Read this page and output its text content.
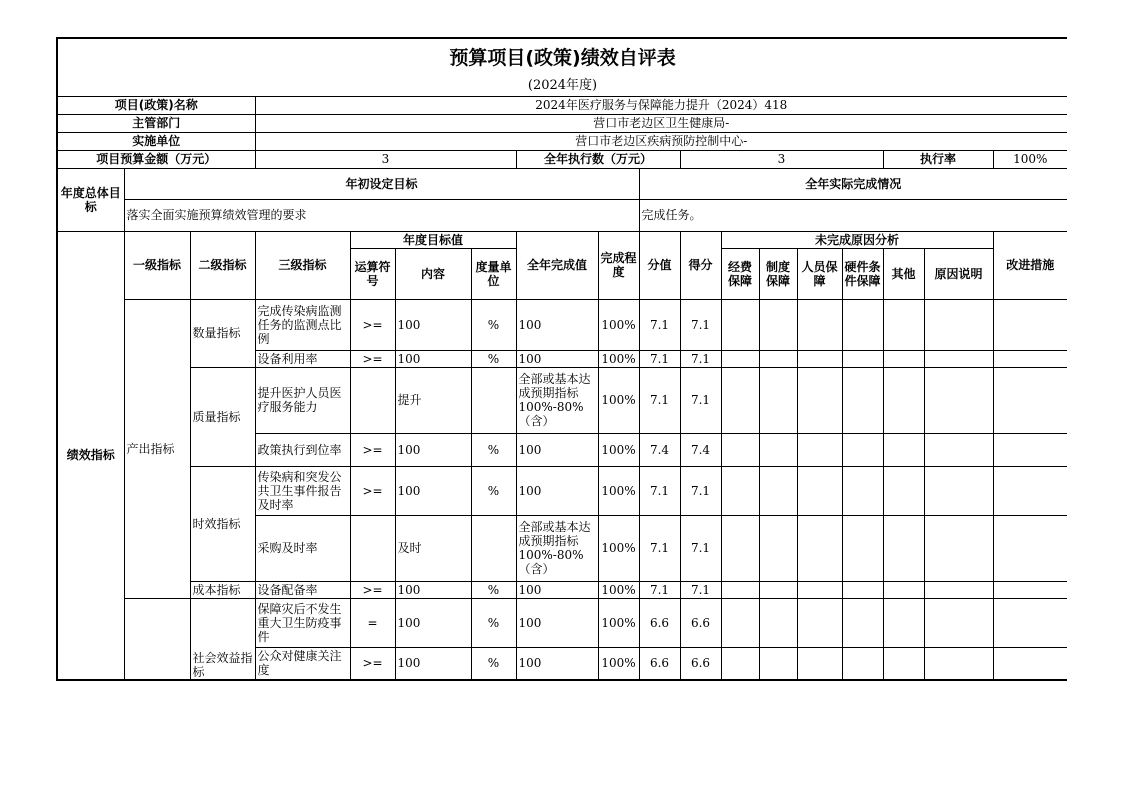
预算项目(政策)绩效自评表																	
(2024年度)																	
项目(政策)名称			2024年医疗服务与保障能力提升（2024）418														
主管部门			营口市老边区卫生健康局-														
实施单位			营口市老边区疾病预防控制中心-														
项目预算金额（万元）			3				全年执行数（万元）			3					执行率		100%
年度总体目标	年初设定目标								全年实际完成情况								
	落实全面实施预算绩效管理的要求								完成任务。								
绩效指标	一级指标	二级指标	三级指标	年度目标值			全年完成值	完成程度	分值	得分	未完成原因分析						改进措施
				运算符号	内容	度量单位					经费保障	制度保障	人员保障	硬件条件保障	其他	原因说明	
	产出指标	数量指标	完成传染病监测任务的监测点比例	>=	100	%	100	100%	7.1	7.1							
			设备利用率	>=	100	%	100	100%	7.1	7.1							
		质量指标	提升医护人员医疗服务能力		提升		全部或基本达成预期指标100%-80%（含）	100%	7.1	7.1							
			政策执行到位率	>=	100	%	100	100%	7.4	7.4							
		时效指标	传染病和突发公共卫生事件报告及时率	>=	100	%	100	100%	7.1	7.1							
			采购及时率		及时		全部或基本达成预期指标100%-80%（含）	100%	7.1	7.1							
		成本指标	设备配备率	>=	100	%	100	100%	7.1	7.1							
		社会效益指标	保障灾后不发生重大卫生防疫事件	=	100	%	100	100%	6.6	6.6							
			公众对健康关注度	>=	100	%	100	100%	6.6	6.6							
